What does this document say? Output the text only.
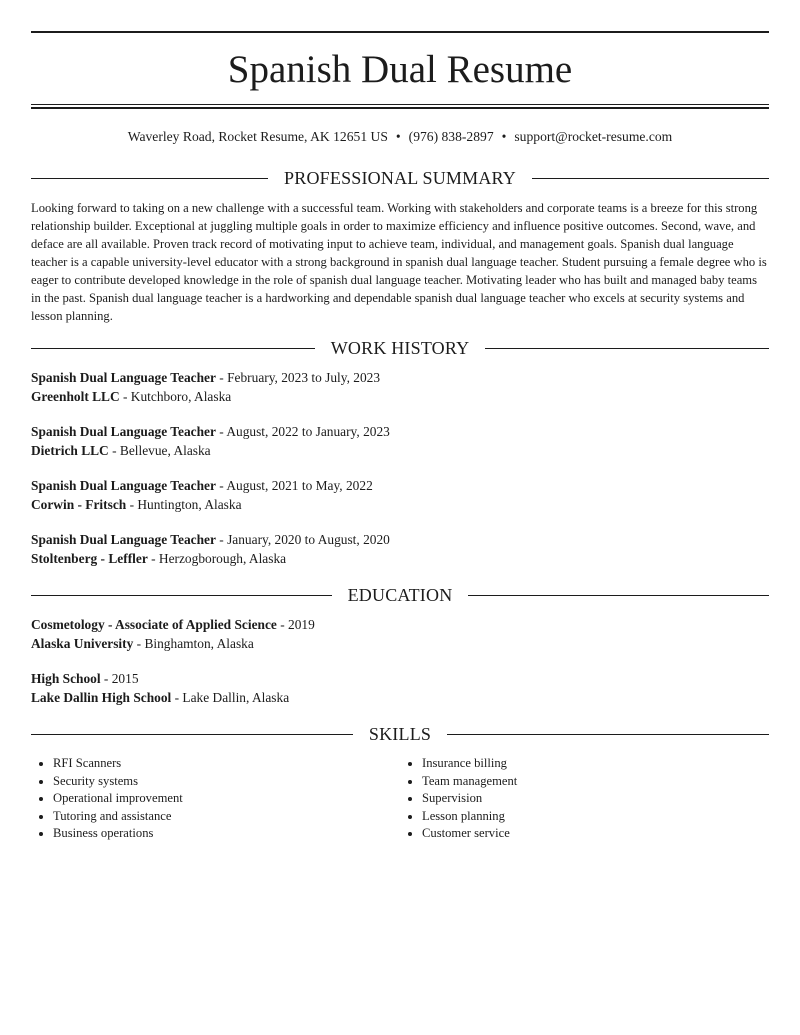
Spanish Dual Resume
Waverley Road, Rocket Resume, AK 12651 US • (976) 838-2897 • support@rocket-resume.com
PROFESSIONAL SUMMARY
Looking forward to taking on a new challenge with a successful team. Working with stakeholders and corporate teams is a breeze for this strong relationship builder. Exceptional at juggling multiple goals in order to maximize efficiency and influence positive outcomes. Second, wave, and deface are all available. Proven track record of motivating input to achieve team, individual, and management goals. Spanish dual language teacher is a capable university-level educator with a strong background in spanish dual language teacher. Student pursuing a female degree who is eager to contribute developed knowledge in the role of spanish dual language teacher. Motivating leader who has built and managed baby teams in the past. Spanish dual language teacher is a hardworking and dependable spanish dual language teacher who excels at security systems and lesson planning.
WORK HISTORY
Spanish Dual Language Teacher - February, 2023 to July, 2023
Greenholt LLC - Kutchboro, Alaska
Spanish Dual Language Teacher - August, 2022 to January, 2023
Dietrich LLC - Bellevue, Alaska
Spanish Dual Language Teacher - August, 2021 to May, 2022
Corwin - Fritsch - Huntington, Alaska
Spanish Dual Language Teacher - January, 2020 to August, 2020
Stoltenberg - Leffler - Herzogborough, Alaska
EDUCATION
Cosmetology - Associate of Applied Science - 2019
Alaska University - Binghamton, Alaska
High School - 2015
Lake Dallin High School - Lake Dallin, Alaska
SKILLS
• RFI Scanners
• Security systems
• Operational improvement
• Tutoring and assistance
• Business operations
• Insurance billing
• Team management
• Supervision
• Lesson planning
• Customer service
